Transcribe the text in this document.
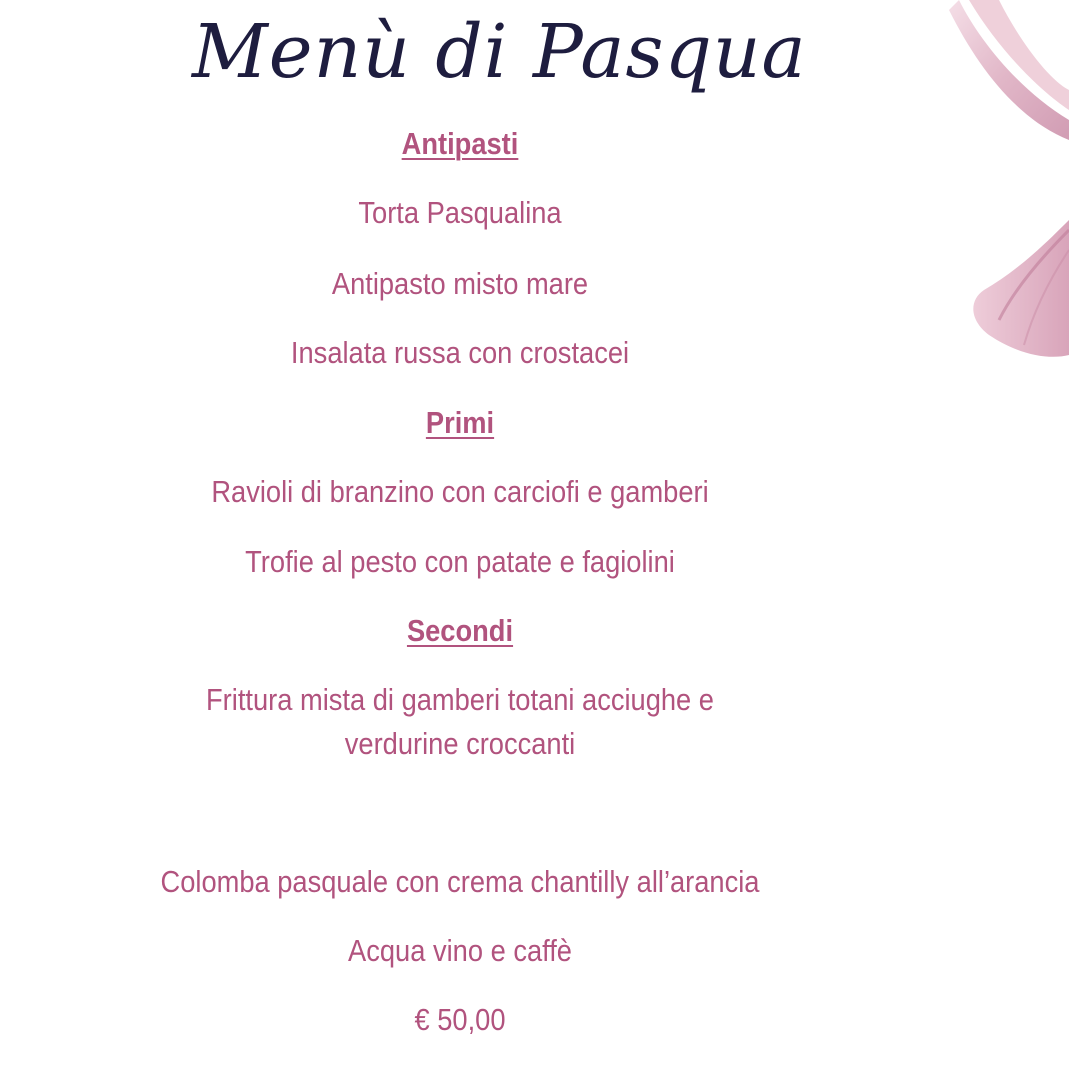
Menù di Pasqua
Antipasti
Torta Pasqualina
Antipasto misto mare
Insalata russa con crostacei
Primi
Ravioli di branzino con carciofi e gamberi
Trofie al pesto con patate e fagiolini
Secondi
Frittura mista di gamberi totani acciughe e
verdurine croccanti
Colomba pasquale con crema chantilly all’arancia
Acqua vino e caffè
€ 50,00
